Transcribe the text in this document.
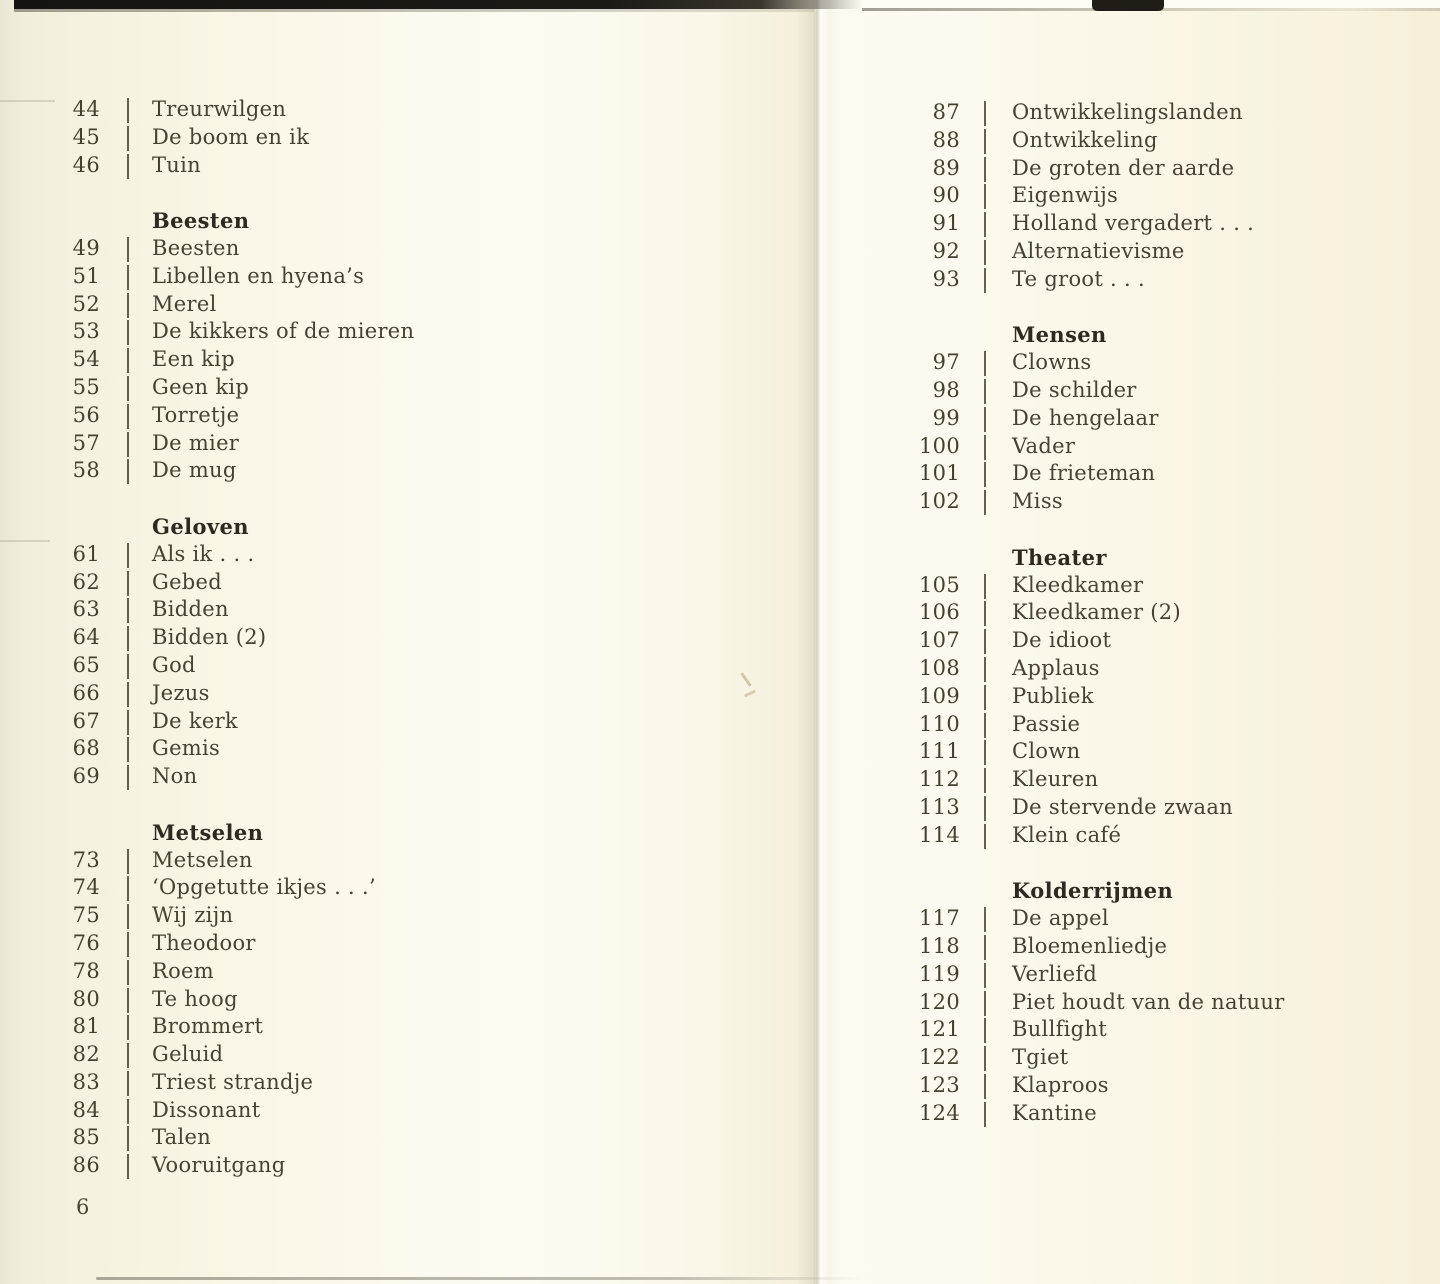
44 Treurwilgen
45 De boom en ik
46 Tuin
Beesten
49 Beesten
51 Libellen en hyena’s
52 Merel
53 De kikkers of de mieren
54 Een kip
55 Geen kip
56 Torretje
57 De mier
58 De mug
Geloven
61 Als ik . . .
62 Gebed
63 Bidden
64 Bidden (2)
65 God
66 Jezus
67 De kerk
68 Gemis
69 Non
Metselen
73 Metselen
74 ‘Opgetutte ikjes . . .’
75 Wij zijn
76 Theodoor
78 Roem
80 Te hoog
81 Brommert
82 Geluid
83 Triest strandje
84 Dissonant
85 Talen
86 Vooruitgang
87 Ontwikkelingslanden
88 Ontwikkeling
89 De groten der aarde
90 Eigenwijs
91 Holland vergadert . . .
92 Alternatievisme
93 Te groot . . .
Mensen
97 Clowns
98 De schilder
99 De hengelaar
100 Vader
101 De frieteman
102 Miss
Theater
105 Kleedkamer
106 Kleedkamer (2)
107 De idioot
108 Applaus
109 Publiek
110 Passie
111 Clown
112 Kleuren
113 De stervende zwaan
114 Klein café
Kolderrijmen
117 De appel
118 Bloemenliedje
119 Verliefd
120 Piet houdt van de natuur
121 Bullfight
122 Tgiet
123 Klaproos
124 Kantine
6
